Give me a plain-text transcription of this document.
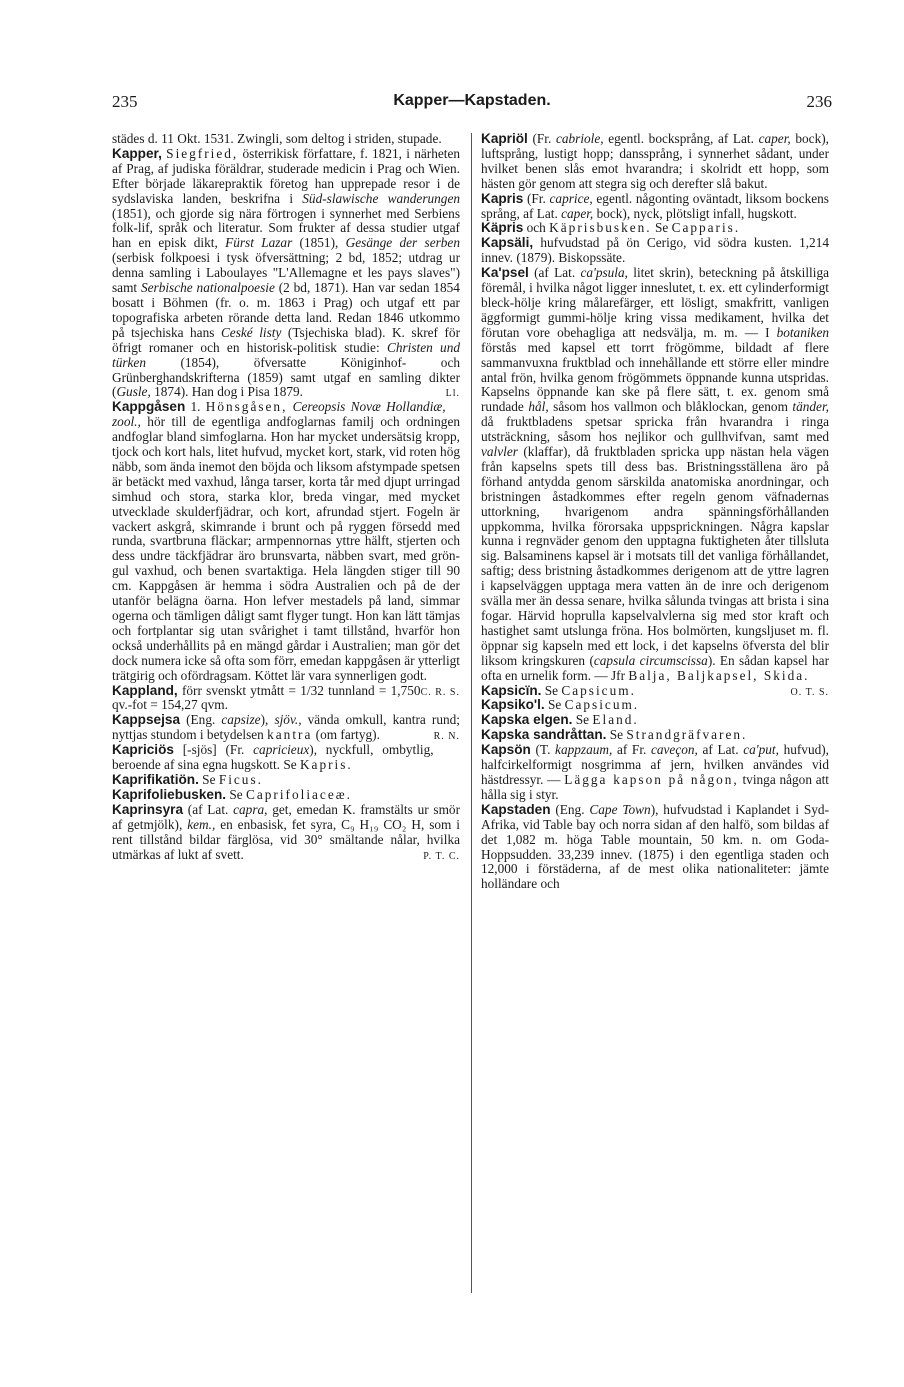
235	Kapper—Kapstaden.	236

städes d. 11 Okt. 1531. Zwingli, som deltog i striden, stupade.

Kapper, Siegfried, österrikisk författare, f. 1821, i närheten af Prag, af judiska föräldrar, studerade medicin i Prag och Wien. Efter började läkarepraktik företog han upprepade resor i de sydslaviska landen, beskrifna i Süd-slawische wanderungen (1851), och gjorde sig nära förtrogen i synnerhet med Serbiens folk-lif, språk och literatur. Som frukter af dessa studier utgaf han en episk dikt, Fürst Lazar (1851), Gesänge der serben (serbisk folkpoesi i tysk öfversättning; 2 bd, 1852; utdrag ur denna samling i Laboulayes "L'Allemagne et les pays slaves") samt Serbische nationalpoesie (2 bd, 1871). Han var sedan 1854 bosatt i Böhmen (fr. o. m. 1863 i Prag) och utgaf ett par topografiska arbeten rörande detta land. Redan 1846 utkommo på tsjechiska hans Ceské listy (Tsjechiska blad). K. skref för öfrigt romaner och en historisk-politisk studie: Christen und türken (1854), öfversatte Königinhof- och Grünberghandskrifterna (1859) samt utgaf en samling dikter (Gusle, 1874). Han dog i Pisa 1879.	Ll.

Kappgåsen 1. Hönsgåsen, Cereopsis Novæ Hollandiæ, zool., hör till de egentliga andfoglarnas familj och ordningen andfoglar bland simfoglarna. Hon har mycket undersätsig kropp, tjock och kort hals, litet hufvud, mycket kort, stark, vid roten hög näbb, som ända inemot den böjda och liksom afstympade spetsen är betäckt med vaxhud, långa tarser, korta tår med djupt urringad simhud och stora, starka klor, breda vingar, med mycket utvecklade skulderfjädrar, och kort, afrundad stjert. Fogeln är vackert askgrå, skimrande i brunt och på ryggen försedd med runda, svartbruna fläckar; armpennornas yttre hälft, stjerten och dess undre täckfjädrar äro brunsvarta, näbben svart, med grön-gul vaxhud, och benen svartaktiga. Hela längden stiger till 90 cm. Kappgåsen är hemma i södra Australien och på de der utanför belägna öarna. Hon lefver mestadels på land, simmar ogerna och tämligen dåligt samt flyger tungt. Hon kan lätt tämjas och fortplantar sig utan svårighet i tamt tillstånd, hvarför hon också underhållits på en mängd gårdar i Australien; man gör det dock numera icke så ofta som förr, emedan kappgåsen är ytterligt trätgirig och ofördragsam. Köttet lär vara synnerligen godt.
C. R. S.

Kappland, förr svenskt ytmått = 1/32 tunnland = 1,750 qv.-fot = 154,27 qvm.

Kappsejsa (Eng. capsize), sjöv., vända omkull, kantra rund; nyttjas stundom i betydelsen kantra (om fartyg).	R. N.

Kapriciös [-sjös] (Fr. capricieux), nyckfull, ombytlig, beroende af sina egna hugskott. Se Kapris.

Kaprifikatiön. Se Ficus.

Kaprifoliebusken. Se Caprifoliaceæ.

Kaprinsyra (af Lat. capra, get, emedan K. framstälts ur smör af getmjölk), kem., en enbasisk, fet syra, C₉ H₁₉ CO₂ H, som i rent tillstånd bildar färglösa, vid 30° smältande nålar, hvilka utmärkas af lukt af svett.	P. T. C.

Kapriöl (Fr. cabriole, egentl. bocksprång, af Lat. caper, bock), luftsprång, lustigt hopp; danssprång, i synnerhet sådant, under hvilket benen slås emot hvarandra; i skolridt ett hopp, som hästen gör genom att stegra sig och derefter slå bakut.

Kapris (Fr. caprice, egentl. någonting oväntadt, liksom bockens språng, af Lat. caper, bock), nyck, plötsligt infall, hugskott.

Käpris och Käprisbusken. Se Capparis.

Kapsäli, hufvudstad på ön Cerigo, vid södra kusten. 1,214 innev. (1879). Biskopssäte.

Ka'psel (af Lat. ca'psula, litet skrin), beteckning på åtskilliga föremål, i hvilka något ligger inneslutet, t. ex. ett cylinderformigt bleck-hölje kring målarefärger, ett lösligt, smakfritt, vanligen äggformigt gummi-hölje kring vissa medikament, hvilka det förutan vore obehagliga att nedsvälja, m. m. — I botaniken förstås med kapsel ett torrt frögömme, bildadt af flere sammanvuxna fruktblad och innehållande ett större eller mindre antal frön, hvilka genom frögömmets öppnande kunna utspridas. Kapselns öppnande kan ske på flere sätt, t. ex. genom små rundade hål, såsom hos vallmon och blåklockan, genom tänder, då fruktbladens spetsar spricka från hvarandra i ringa utsträckning, såsom hos nejlikor och gullhvifvan, samt med valvler (klaffar), då fruktbladen spricka upp nästan hela vägen från kapselns spets till dess bas. Bristningsställena äro på förhand antydda genom särskilda anatomiska anordningar, och bristningen åstadkommes efter regeln genom väfnadernas uttorkning, hvarigenom andra spänningsförhållanden uppkomma, hvilka förorsaka uppsprickningen. Några kapslar kunna i regnväder genom den upptagna fuktigheten åter tillsluta sig. Balsaminens kapsel är i motsats till det vanliga förhållandet, saftig; dess bristning åstadkommes derigenom att de yttre lagren i kapselväggen upptaga mera vatten än de inre och derigenom svälla mer än dessa senare, hvilka sålunda tvingas att brista i sina fogar. Härvid hoprulla kapselvalvlerna sig med stor kraft och hastighet samt utslunga fröna. Hos bolmörten, kungsljuset m. fl. öppnar sig kapseln med ett lock, i det kapselns öfversta del blir liksom kringskuren (capsula circumscissa). En sådan kapsel har ofta en urnelik form. — Jfr Balja, Baljkapsel, Skida.
O. T. S.

Kapsicïn. Se Capsicum.

Kapsiko'l. Se Capsicum.

Kapska elgen. Se Eland.

Kapska sandråttan. Se Strandgräfvaren.

Kapsön (T. kappzaum, af Fr. caveçon, af Lat. ca'put, hufvud), halfcirkelformigt nosgrimma af jern, hvilken användes vid hästdressyr. — Lägga kapson på någon, tvinga någon att hålla sig i styr.

Kapstaden (Eng. Cape Town), hufvudstad i Kaplandet i Syd-Afrika, vid Table bay och norra sidan af den halfö, som bildas af det 1,082 m. höga Table mountain, 50 km. n. om Goda-Hoppsudden. 33,239 innev. (1875) i den egentliga staden och 12,000 i förstäderna, af de mest olika nationaliteter: jämte holländare och
